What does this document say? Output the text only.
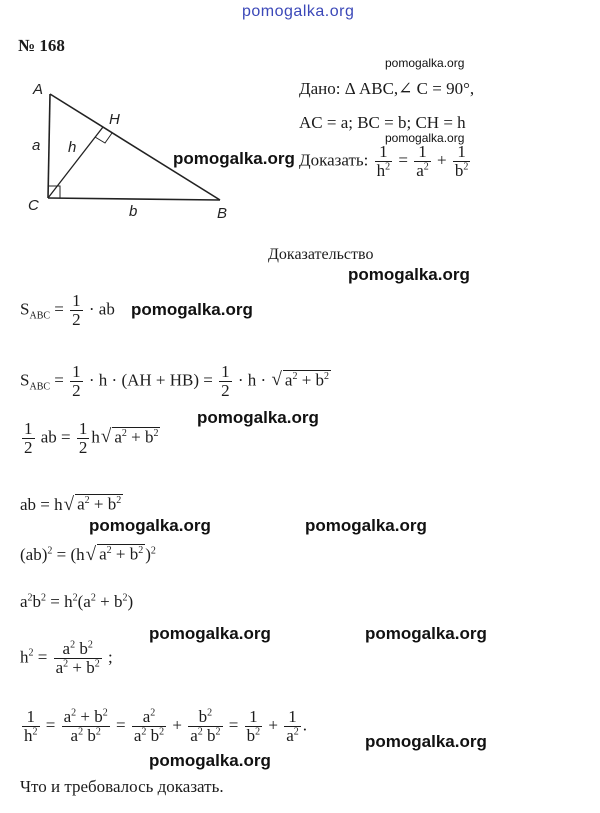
pomogalka.org
pomogalka.org
pomogalka.org
pomogalka.org
pomogalka.org
pomogalka.org
pomogalka.org
pomogalka.org	pomogalka.org
pomogalka.org	pomogalka.org
pomogalka.org
pomogalka.org
№ 168
A
C	B
H
a
b
h
Дано: Δ ABC,∠ C = 90°,
AC = a; BC = b; CH = h
Доказать: $\frac{1}{h^2} = \frac{1}{a^2} + \frac{1}{b^2}$
Доказательство
$S_{ABC} = \frac{1}{2}$ · ab
$S_{ABC} = \frac{1}{2} \cdot h \cdot (AH + HB) = \frac{1}{2} \cdot h$ · √ $a^2 + b^2$
$\frac{1}{2}$ ab = $\frac{1}{2} h√$ $a^2 + b^2$
ab = h√ $a^2 + b^2$
(ab)$^2$ = (h√ $a^2 + b^2$ )$^2$
$a^2b^2 = h^2(a^2 + b^2)$
$h^2 = \frac{a^2 b^2}{a^2 + b^2}$ ;
$\frac{1}{h^2} = \frac{a^2 + b^2}{a^2 b^2} = \frac{a^2}{a^2 b^2} + \frac{b^2}{a^2 b^2} = \frac{1}{b^2} + \frac{1}{a^2}$ .
Что и требовалось доказать.
